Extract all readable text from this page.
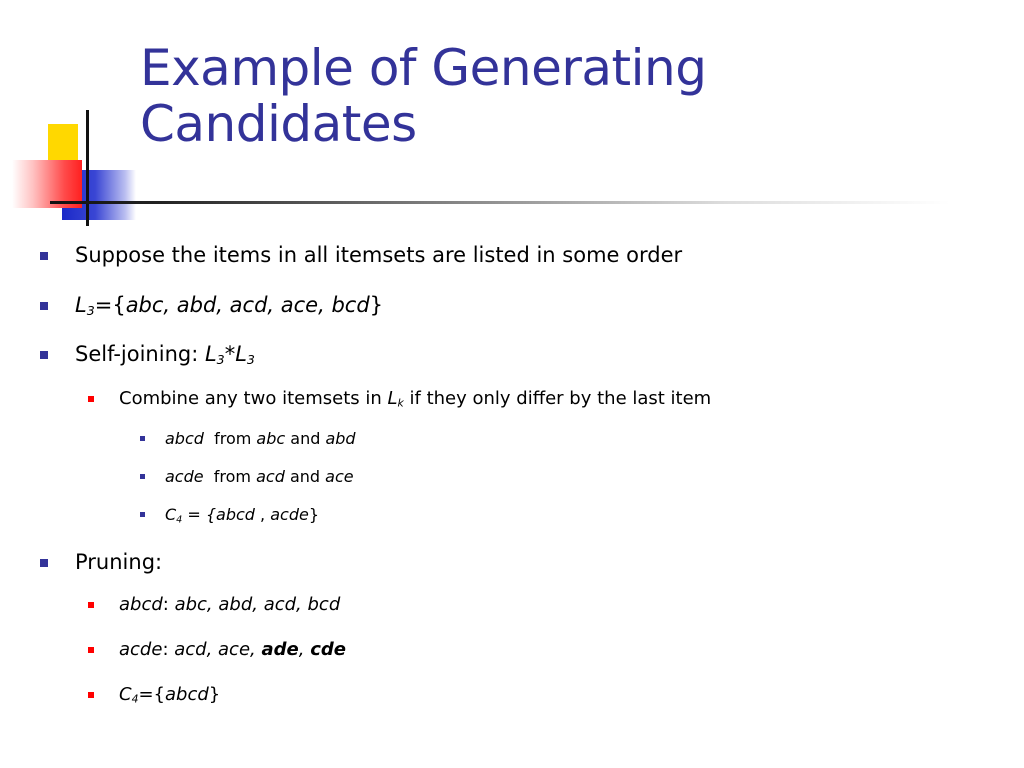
Example of Generating
Candidates
Suppose the items in all itemsets are listed in some order
$L_3=\{abc$, abd, acd, ace, bcd}
Self-joining: $L_3*L_3$
Combine any two itemsets in $L_k$ if they only differ by the last item
abcd  from abc and abd
acde  from acd and ace
$C_4$ = {abcd , acde}
Pruning:
abcd: abc, abd, acd, bcd
acde: acd, ace, ade, cde
$C_4=\{abcd\}$
